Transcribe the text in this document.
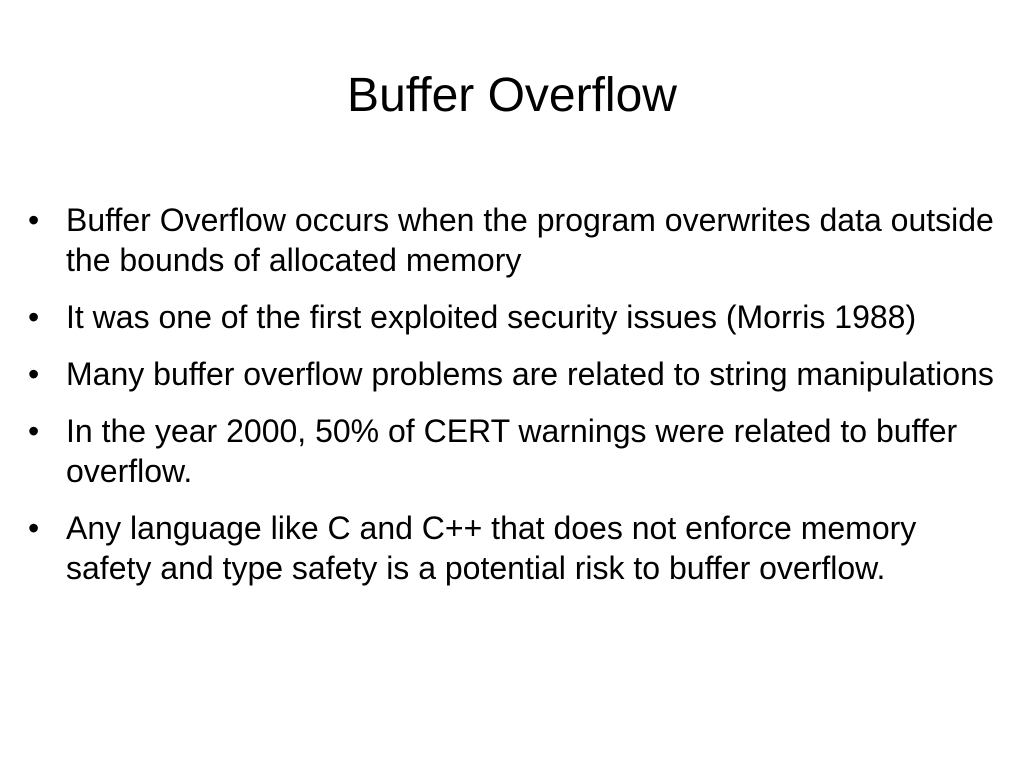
Buffer Overflow
• Buffer Overflow occurs when the program overwrites data outside the bounds of allocated memory
• It was one of the first exploited security issues (Morris 1988)
• Many buffer overflow problems are related to string manipulations
• In the year 2000, 50% of CERT warnings were related to buffer overflow.
• Any language like C and C++ that does not enforce memory safety and type safety is a potential risk to buffer overflow.
